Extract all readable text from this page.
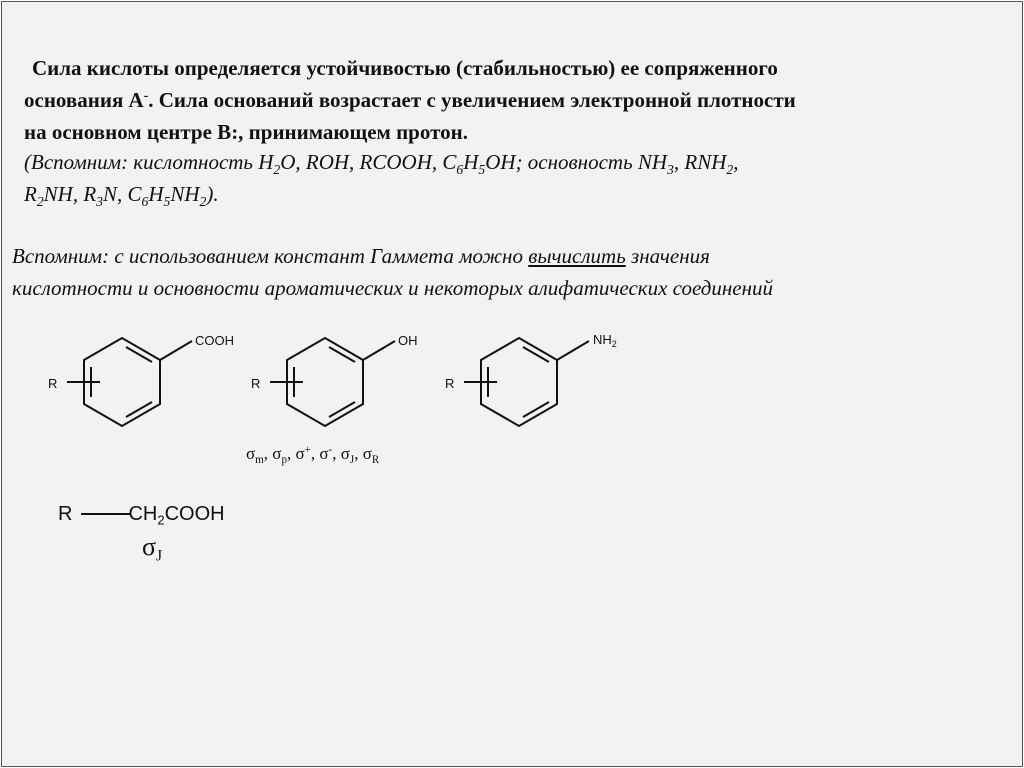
Сила кислоты определяется устойчивостью (стабильностью) ее сопряженного
основания А-. Сила оснований возрастает с увеличением электронной плотности
на основном центре В:, принимающем протон.
(Вспомним: кислотность $H_2O$, ROH, RCOOH, $C_6H_5OH$; основность $NH_3$, $RNH_2$,
$R_2NH$, $R_3N$, $C_6H_5NH_2$).
Вспомним: с использованием констант Гаммета можно вычислить значения
кислотности и основности ароматических и некоторых алифатических соединений
R
COOH
R
OH
R
$NH_2$
$\sigma_m$, $\sigma_p$, σ+, σ-, $\sigma_J$, $\sigma_R$
R	$CH_2COOH$
$\sigma_J$
